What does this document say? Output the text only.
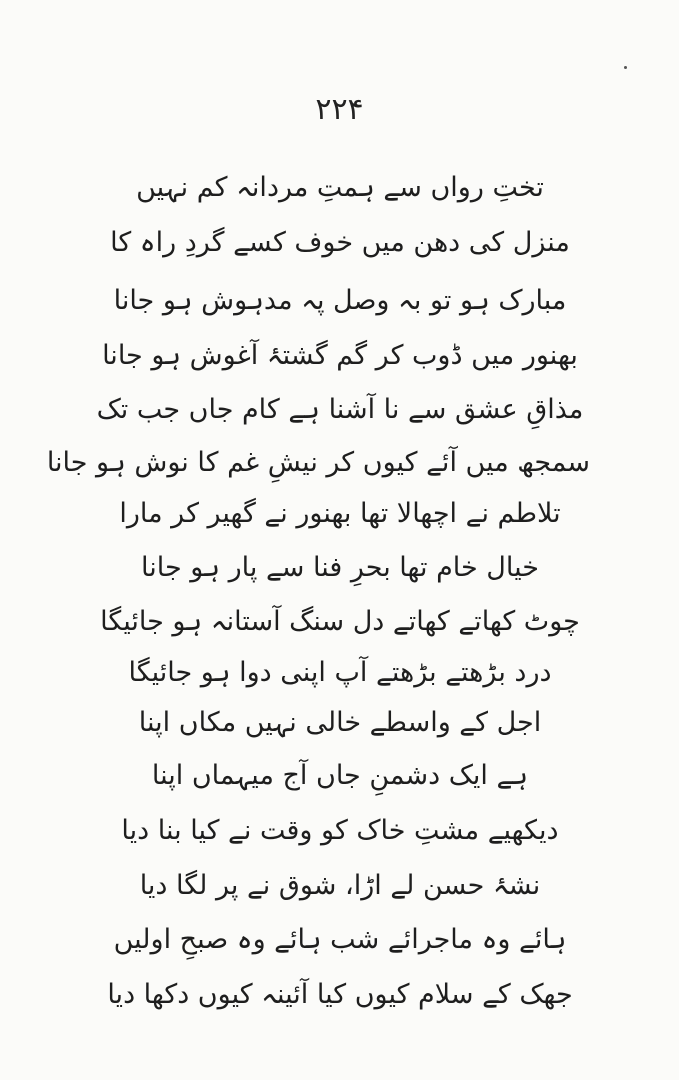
۲۲۴
تختِ رواں سے ہمتِ مردانہ کم نہیں
منزل کی دھن میں خوف کسے گردِ راہ کا
مبارک ہو تو بہ وصل پہ مدہوش ہو جانا
بھنور میں ڈوب کر گم گشتۂ آغوش ہو جانا
مذاقِ عشق سے نا آشنا ہے کام جاں جب تک
سمجھ میں آئے کیوں کر نیشِ غم کا نوش ہو جانا
تلاطم نے اچھالا تھا بھنور نے گھیر کر مارا
خیال خام تھا بحرِ فنا سے پار ہو جانا
چوٹ کھاتے کھاتے دل سنگ آستانہ ہو جائیگا
درد بڑھتے بڑھتے آپ اپنی دوا ہو جائیگا
اجل کے واسطے خالی نہیں مکاں اپنا
ہے ایک دشمنِ جاں آج میہماں اپنا
دیکھیے مشتِ خاک کو وقت نے کیا بنا دیا
نشۂ حسن لے اڑا، شوق نے پر لگا دیا
ہائے وہ ماجرائے شب ہائے وہ صبحِ اولیں
جھک کے سلام کیوں کیا آئینہ کیوں دکھا دیا
